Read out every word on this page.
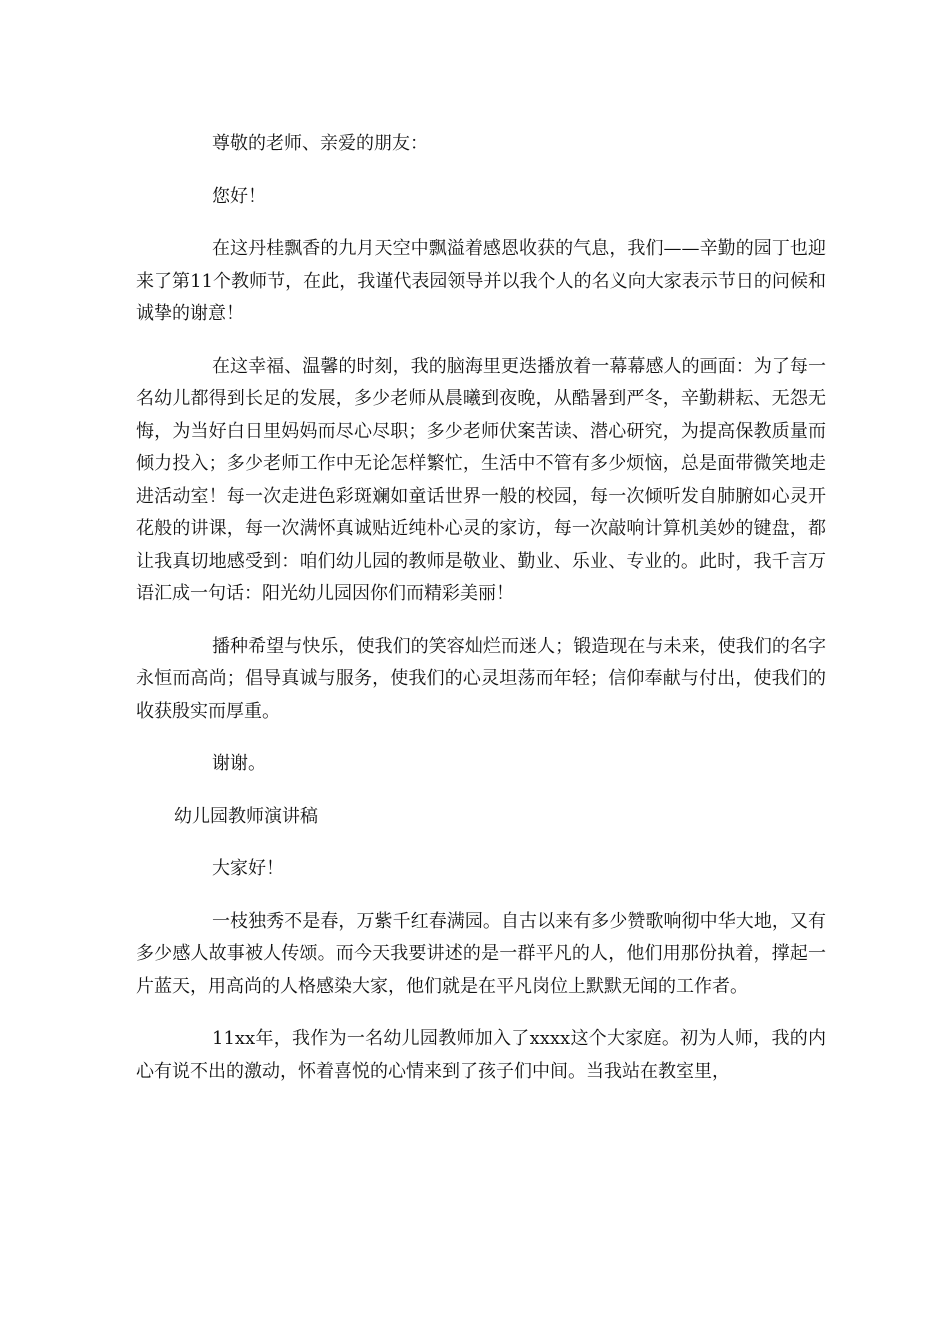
尊敬的老师、亲爱的朋友：

您好！

在这丹桂飘香的九月天空中飘溢着感恩收获的气息，我们——辛勤的园丁也迎来了第11个教师节，在此，我谨代表园领导并以我个人的名义向大家表示节日的问候和诚挚的谢意！

在这幸福、温馨的时刻，我的脑海里更迭播放着一幕幕感人的画面：为了每一名幼儿都得到长足的发展，多少老师从晨曦到夜晚，从酷暑到严冬，辛勤耕耘、无怨无悔，为当好白日里妈妈而尽心尽职；多少老师伏案苦读、潜心研究，为提高保教质量而倾力投入；多少老师工作中无论怎样繁忙，生活中不管有多少烦恼，总是面带微笑地走进活动室！每一次走进色彩斑斓如童话世界一般的校园，每一次倾听发自肺腑如心灵开花般的讲课，每一次满怀真诚贴近纯朴心灵的家访，每一次敲响计算机美妙的键盘，都让我真切地感受到：咱们幼儿园的教师是敬业、勤业、乐业、专业的。此时，我千言万语汇成一句话：阳光幼儿园因你们而精彩美丽！

播种希望与快乐，使我们的笑容灿烂而迷人；锻造现在与未来，使我们的名字永恒而高尚；倡导真诚与服务，使我们的心灵坦荡而年轻；信仰奉献与付出，使我们的收获殷实而厚重。

谢谢。

幼儿园教师演讲稿

大家好！

一枝独秀不是春，万紫千红春满园。自古以来有多少赞歌响彻中华大地，又有多少感人故事被人传颂。而今天我要讲述的是一群平凡的人，他们用那份执着，撑起一片蓝天，用高尚的人格感染大家，他们就是在平凡岗位上默默无闻的工作者。

11xx年，我作为一名幼儿园教师加入了xxxx这个大家庭。初为人师，我的内心有说不出的激动，怀着喜悦的心情来到了孩子们中间。当我站在教室里，
